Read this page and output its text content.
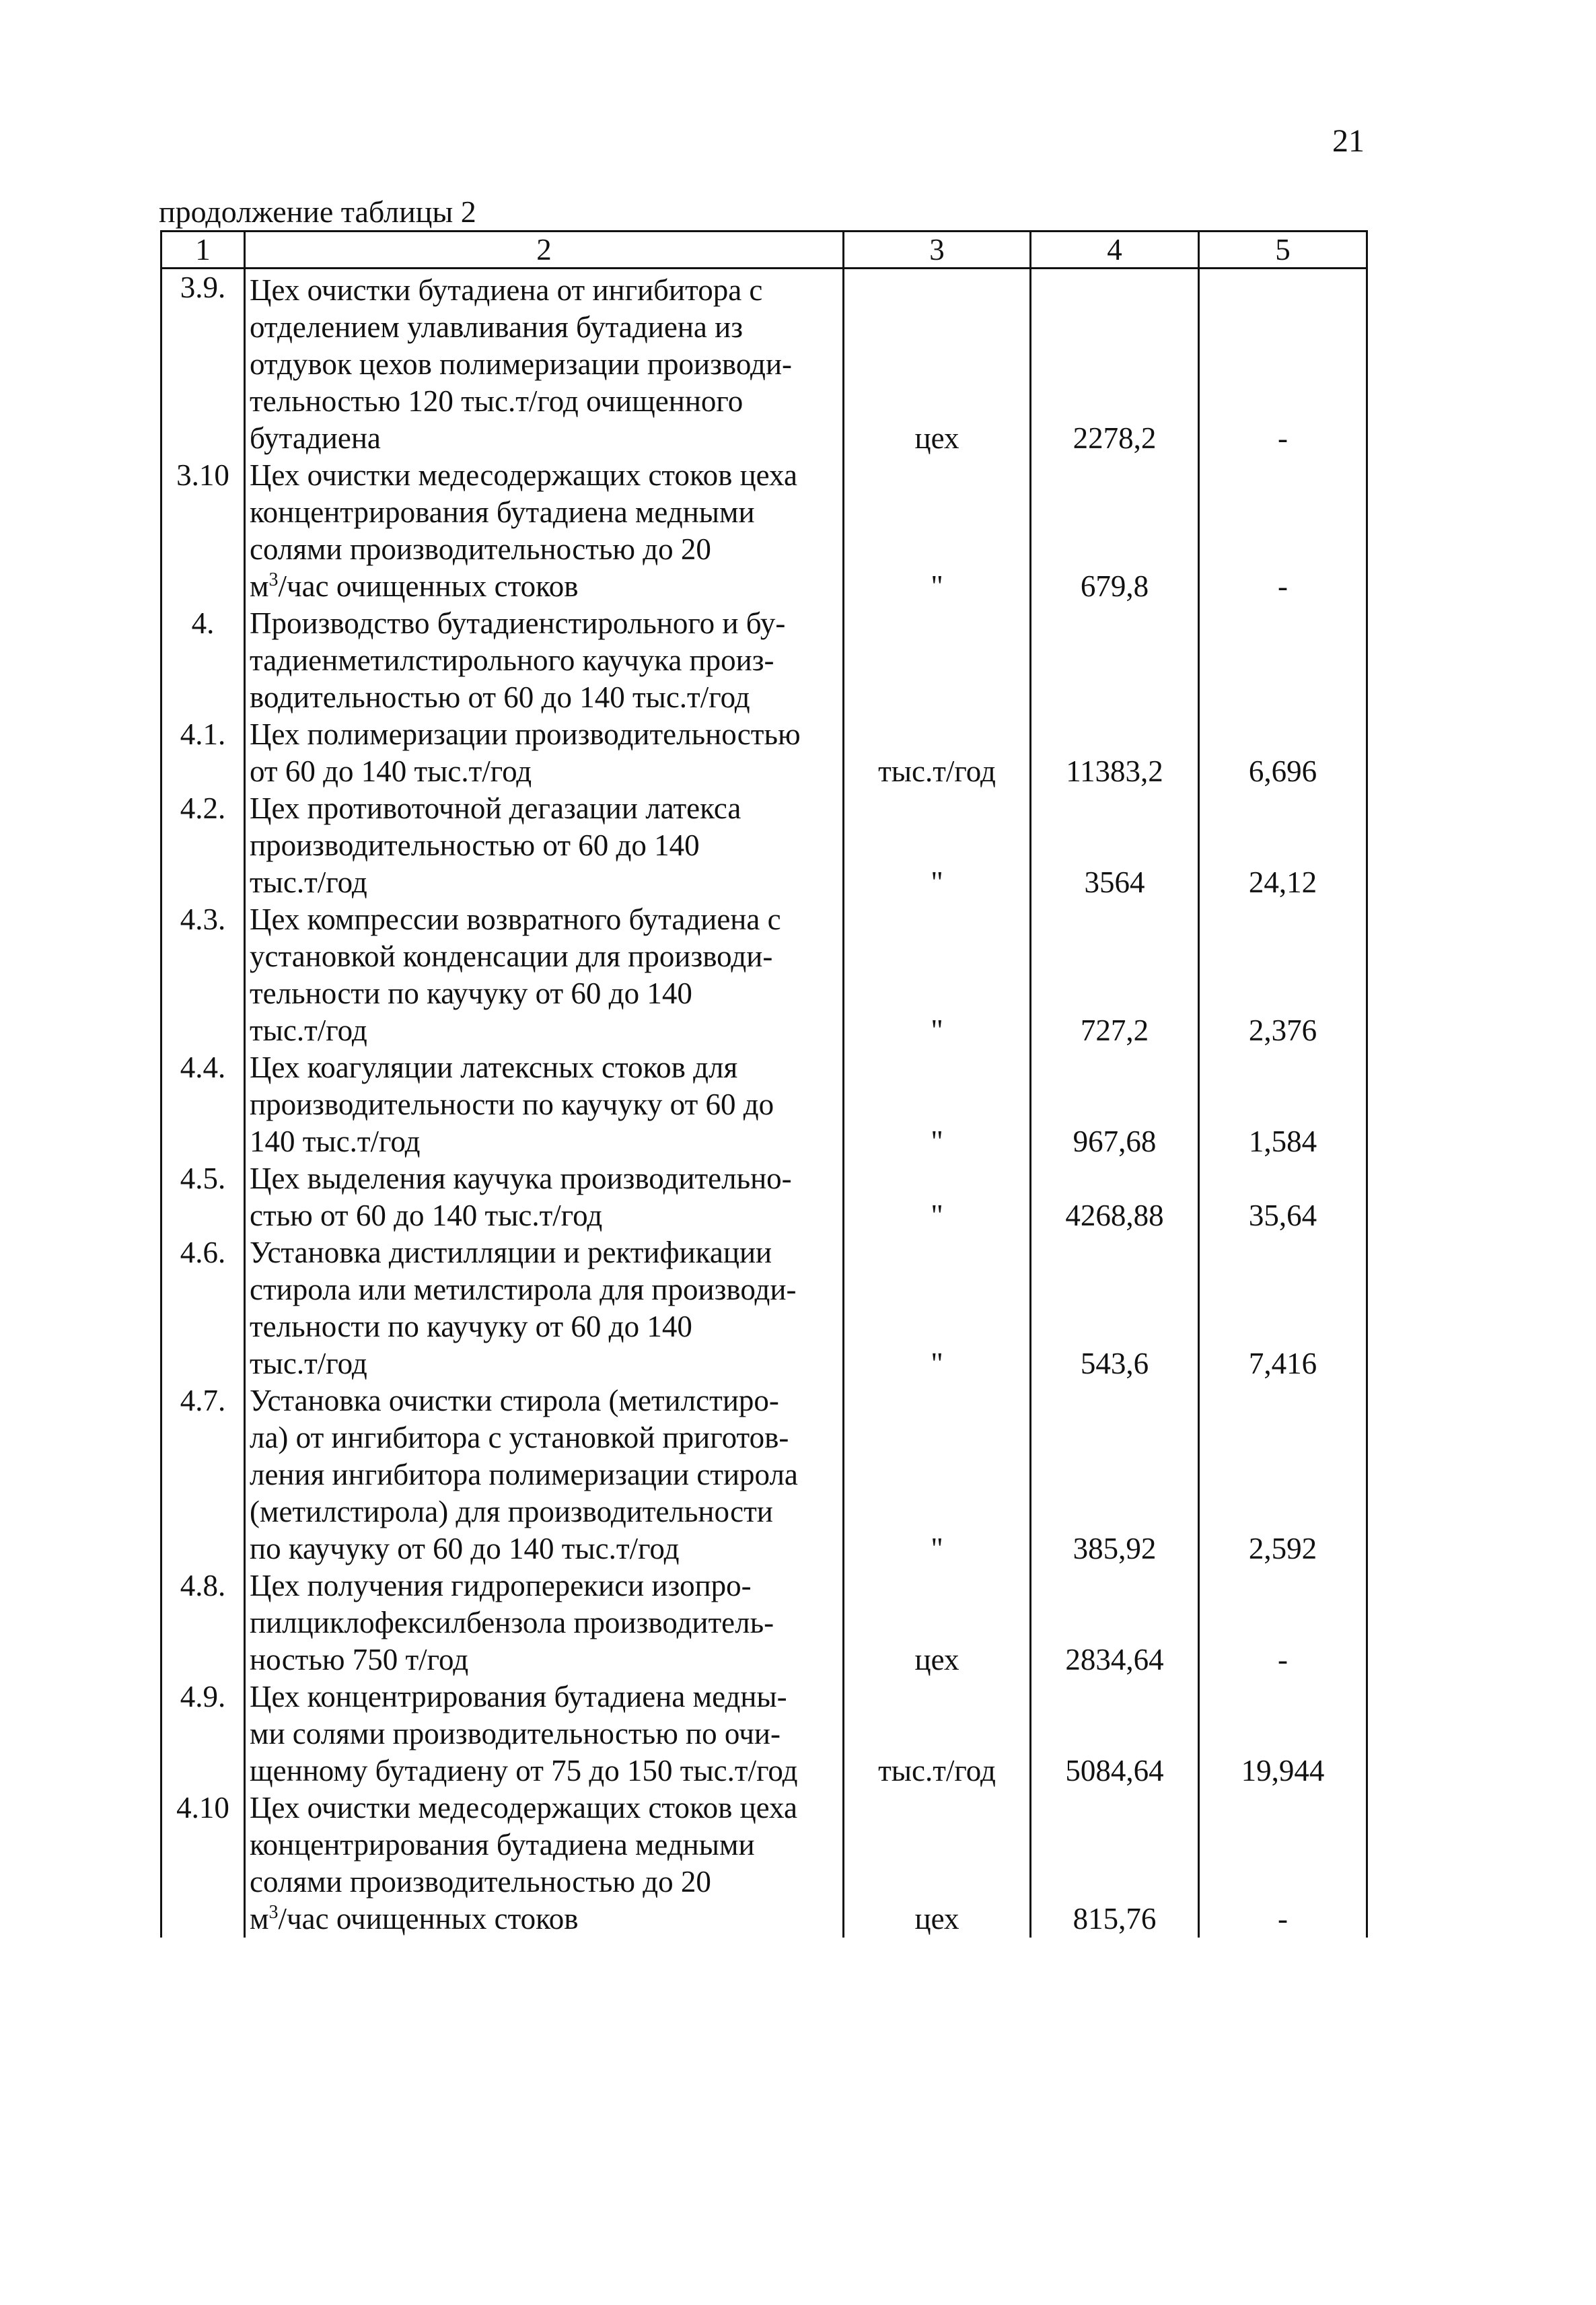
21
продолжение таблицы 2
1	2	3	4	5
3.9.	Цех очистки бутадиена от ингибитора с
отделением улавливания бутадиена из
отдувок цехов полимеризации производи-
тельностью 120 тыс.т/год очищенного
бутадиена	цех	2278,2	-
3.10	Цех очистки медесодержащих стоков цеха
концентрирования бутадиена медными
солями производительностью до 20
$м^3$/час очищенных стоков	"	679,8	-
4.	Производство бутадиенстирольного и бу-
тадиенметилстирольного каучука произ-
водительностью от 60 до 140 тыс.т/год			

4.1.	Цех полимеризации производительностью
от 60 до 140 тыс.т/год	тыс.т/год	11383,2	6,696
4.2.	Цех противоточной дегазации латекса
производительностью от 60 до 140
тыс.т/год	"	3564	24,12
4.3.	Цех компрессии возвратного бутадиена с
установкой конденсации для производи-
тельности по каучуку от 60 до 140
тыс.т/год	"	727,2	2,376
4.4.	Цех коагуляции латексных стоков для
производительности по каучуку от 60 до
140 тыс.т/год	"	967,68	1,584
4.5.	Цех выделения каучука производительно-
стью от 60 до 140 тыс.т/год	"	4268,88	35,64
4.6.	Установка дистилляции и ректификации
стирола или метилстирола для производи-
тельности по каучуку от 60 до 140
тыс.т/год	"	543,6	7,416
4.7.	Установка очистки стирола (метилстиро-
ла) от ингибитора с установкой приготов-
ления ингибитора полимеризации стирола
(метилстирола) для производительности
по каучуку от 60 до 140 тыс.т/год	"	385,92	2,592
4.8.	Цех получения гидроперекиси изопро-
пилциклофексилбензола производитель-
ностью 750 т/год	цех	2834,64	-
4.9.	Цех концентрирования бутадиена медны-
ми солями производительностью по очи-
щенному бутадиену от 75 до 150 тыс.т/год	тыс.т/год	5084,64	19,944
4.10	Цех очистки медесодержащих стоков цеха
концентрирования бутадиена медными
солями производительностью до 20
$м^3$/час очищенных стоков	цех	815,76	-
